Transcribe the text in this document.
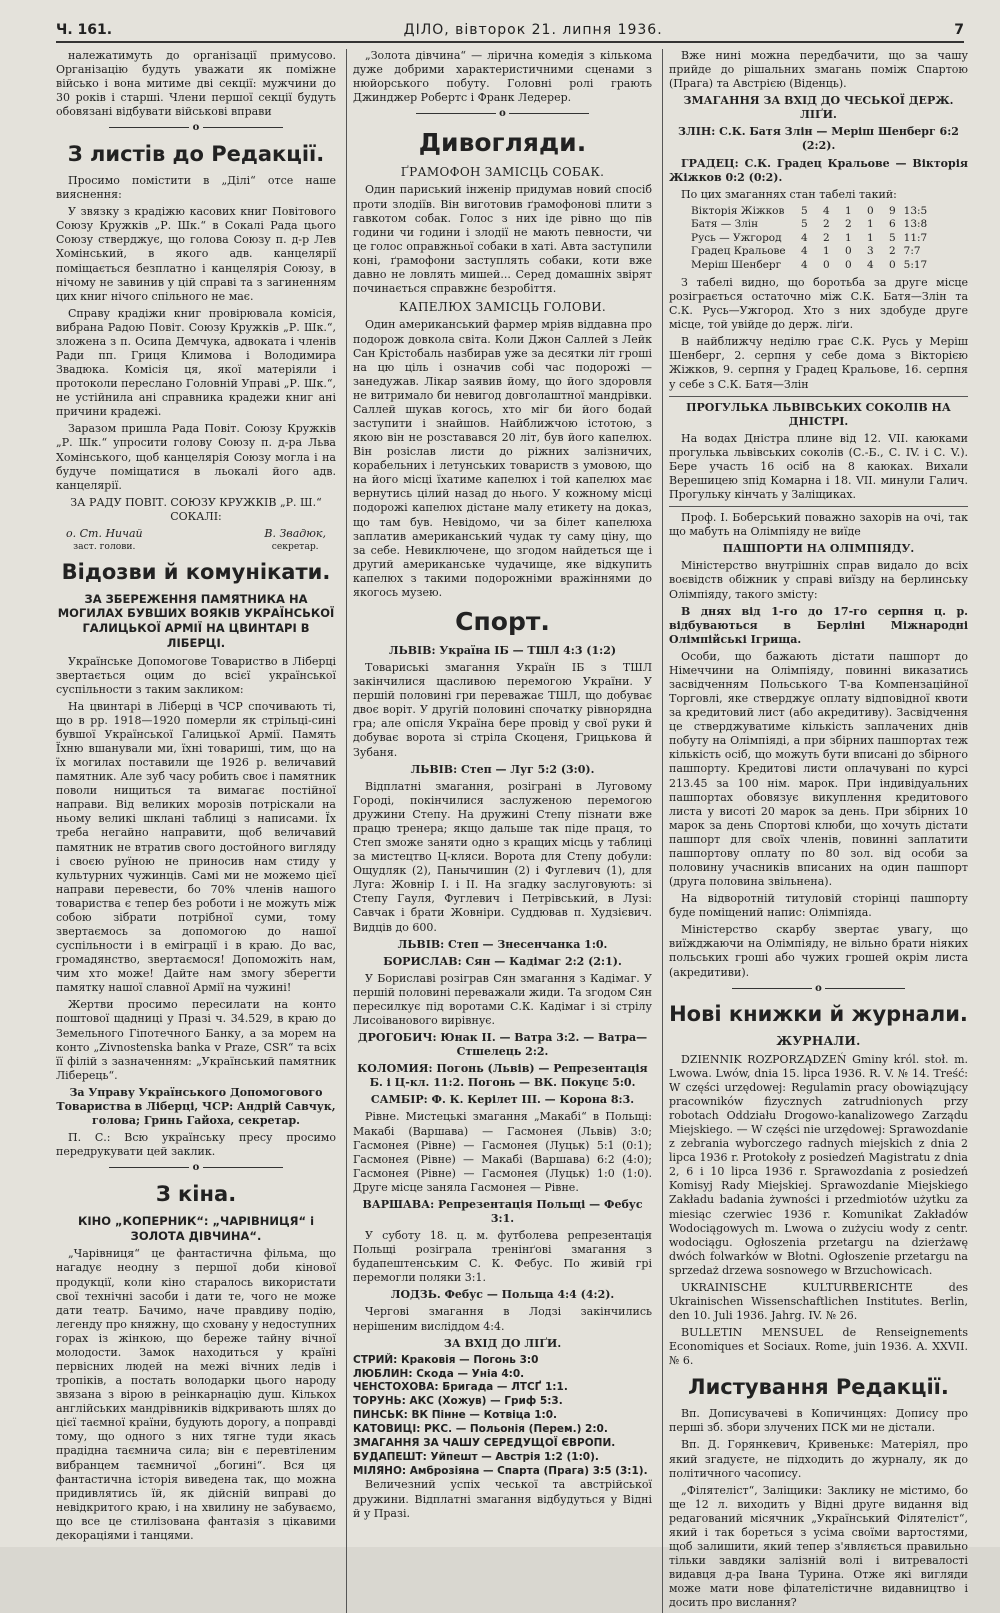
Ч. 161.	ДІЛО, вівторок 21. липня 1936.	7

належатимуть до організації примусово. Організацію будуть уважати як поміжне військо і вона митиме дві секції: мужчини до 30 років і старші. Члени першої секції будуть обовязані відбувати військові вправи

o
З листів до Редакції.

Просимо помістити в „Ділі“ отсе наше вияснення:

У звязку з крадіжю касових книг Повітового Союзу Кружків „Р. Шк.“ в Сокалі Рада цього Союзу стверджує, що голова Союзу п. д-р Лев Хомінський, в якого адв. канцелярії поміщається безплатно і канцелярія Союзу, в нічому не завинив у цій справі та з загиненням цих книг нічого спільного не має.

Справу крадіжи книг провірювала комісія, вибрана Радою Повіт. Союзу Кружків „Р. Шк.“, зложена з п. Осипа Демчука, адвоката і членів Ради пп. Гриця Климова і Володимира Звадюка. Комісія ця, якої матеріяли і протоколи переслано Головній Управі „Р. Шк.“, не устійнила ані справника крадежи книг ані причини крадежі.

Заразом пришла Рада Повіт. Союзу Кружків „Р. Шк.“ упросити голову Союзу п. д-ра Льва Хомінського, щоб канцелярія Союзу могла і на будуче поміщатися в льокалі його адв. канцелярії.

ЗА РАДУ ПОВІТ. СОЮЗУ КРУЖКІВ „Р. Ш.“ СОКАЛІ:

о. Ст. Ничай
заст. голови.
В. Звадюк,
секретар.
Відозви й комунікати.
ЗА ЗБЕРЕЖЕННЯ ПАМЯТНИКА НА МОГИЛАХ БУВШИХ ВОЯКІВ УКРАЇНСЬКОЇ ГАЛИЦЬКОЇ АРМІЇ НА ЦВИНТАРІ В ЛІБЕРЦІ.

Українське Допомогове Товариство в Ліберці звертається оцим до всієї української суспільности з таким закликом:

На цвинтарі в Ліберці в ЧСР спочивають ті, що в рр. 1918—1920 померли як стрільці-сині бувшої Української Галицької Армії. Память Їхню вшанували ми, їхні товариші, тим, що на їх могилах поставили ще 1926 р. величавий памятник. Але зуб часу робить своє і памятник поволи нищиться та вимагає постійної направи. Від великих морозів потріскали на ньому великі шклані таблиці з написами. Їх треба негайно направити, щоб величавий памятник не втратив свого достойного вигляду і своєю руїною не приносив нам стиду у культурних чужинців. Самі ми не можемо цієї направи перевести, бо 70% членів нашого товариства є тепер без роботи і не можуть між собою зібрати потрібної суми, тому звертаємось за допомогою до нашої суспільности і в еміграції і в краю. До вас, громадянство, звертаємося! Допоможіть нам, чим хто може! Дайте нам змогу зберегти памятку нашої славної Армії на чужині!

Жертви просимо пересилати на конто поштової щадниці у Празі ч. 34.529, в краю до Земельного Гіпотечного Банку, а за морем на конто „Zivnostenska banka v Praze, CSR“ та всіх її філій з зазначенням: „Український памятник Ліберець“.

За Управу Українського Допомогового Товариства в Ліберці, ЧСР: Андрій Савчук, голова; Гринь Гайоха, секретар.

П. С.: Всю українську пресу просимо передрукувати цей заклик.

o
З кіна.
КІНО „КОПЕРНИК“: „ЧАРІВНИЦЯ“ і ЗОЛОТА ДІВЧИНА“.

„Чарівниця“ це фантастична фільма, що нагадує неодну з першої доби кінової продукції, коли кіно старалось використати свої технічні засоби і дати те, чого не може дати театр. Бачимо, наче правдиву подію, легенду про княжну, що сховану у недоступних горах із жінкою, що береже тайну вічної молодости. Замок находиться у країні первісних людей на межі вічних ледів і тропіків, а постать володарки цього народу звязана з вірою в реінкарнацію душ. Кількох англійських мандрівників відкривають шлях до цієї таємної країни, будують дорогу, а поправді тому, що одного з них тягне туди якась прадідна таємнича сила; він є перевтіленим вибранцем таємничої „богині“. Вся ця фантастична історія виведена так, що можна придивлятись їй, як дійсній виправі до невідкритого краю, і на хвилину не забуваємо, що все це стилізована фантазія з цікавими декораціями і танцями.

„Золота дівчина“ — лірична комедія з кількома дуже добрими характеристичними сценами з нюйорського побуту. Головні ролі грають Джинджер Робертс і Франк Ледерер.

o
Дивогляди.
ҐРАМОФОН ЗАМІСЦЬ СОБАК.

Один париський інженір придумав новий спосіб проти злодіїв. Він виготовив ґрамофонові плити з гавкотом собак. Голос з них іде рівно що пів години чи години і злодії не мають певности, чи це голос оправжньої собаки в хаті. Авта заступили коні, ґрамофони заступлять собаки, коти вже давно не ловлять мишей... Серед домашніх звірят починається справжнє безробіття.

КАПЕЛЮХ ЗАМІСЦЬ ГОЛОВИ.

Один американський фармер мріяв віддавна про подорож довкола світа. Коли Джон Саллей з Лейк Сан Крістобаль назбирав уже за десятки літ гроші на цю ціль і означив собі час подорожі — занедужав. Лікар заявив йому, що його здоровля не витримало би невигод довголаштної мандрівки. Саллей шукав когось, хто міг би його бодай заступити і знайшов. Найближчою істотою, з якою він не розставався 20 літ, був його капелюх. Він розіслав листи до ріжних залізничих, корабельних і летунських товариств з умовою, що на його місці їхатиме капелюх і той капелюх має вернутись цілий назад до нього. У кожному місці подорожі капелюх дістане малу етикету на доказ, що там був. Невідомо, чи за білет капелюха заплатив американський чудак ту саму ціну, що за себе. Невиключене, що згодом найдеться ще і другий американське чудачище, яке відкупить капелюх з такими подорожніми вражіннями до якогось музею.

Спорт.

ЛЬВІВ: Україна ІБ — ТШЛ 4:3 (1:2)

Товариські змагання Україн ІБ з ТШЛ закінчилися щасливою перемогою України. У першій половині гри переважає ТШЛ, що добуває двоє воріт. У другій половині спочатку рівнорядна гра; але опісля Україна бере провід у свої руки й добуває ворота зі стріла Скоценя, Грицькова й Зубаня.

ЛЬВІВ: Степ — Луг 5:2 (3:0).

Відплатні змагання, розіграні в Луговому Городі, покінчилися заслуженою перемогою дружини Степу. На дружині Степу пізнати вже працю тренера; якщо дальше так піде праця, то Степ зможе заняти одно з кращих місць у таблиці за мистецтво Ц-кляси. Ворота для Степу добули: Ощудляк (2), Панычишин (2) і Фуглевич (1), для Луга: Жовнір І. і ІІ. На згадку заслуговують: зі Степу Гауля, Фуглевич і Петрівський, в Лузі: Савчак і брати Жовніри. Суддював п. Худзієвич. Видців до 600.

ЛЬВІВ: Степ — Знесенчанка 1:0.

БОРИСЛАВ: Сян — Кадімаг 2:2 (2:1).

У Бориславі розіграв Сян змагання з Кадімаг. У першій половині переважали жиди. Та згодом Сян пересилкує під воротами С.К. Кадімаг і зі стрілу Лисоіванового вирівнує.

ДРОГОБИЧ: Юнак ІІ. — Ватра 3:2. — Ватра—Стшелець 2:2.

КОЛОМИЯ: Погонь (Львів) — Репрезентація Б. і Ц-кл. 11:2. Погонь — ВК. Покуцє 5:0.

САМБІР: Ф. К. Керілет ІІІ. — Корона 8:3.

Рівне. Мистецькі змагання „Макабі“ в Польщі: Макабі (Варшава) — Гасмонея (Львів) 3:0; Гасмонея (Рівне) — Гасмонея (Луцьк) 5:1 (0:1); Гасмонея (Рівне) — Макабі (Варшава) 6:2 (4:0); Гасмонея (Рівне) — Гасмонея (Луцьк) 1:0 (1:0). Друге місце заняла Гасмонея — Рівне.

ВАРШАВА: Репрезентація Польщі — Фебус 3:1.

У суботу 18. ц. м. футболева репрезентація Польщі розіграла тренінґові змагання з будапештенським С. К. Фебус. По живій грі перемогли поляки 3:1.

ЛОДЗЬ. Фебус — Польща 4:4 (4:2).

Чергові змагання в Лодзі закінчились нерішеним висліддом 4:4.

ЗА ВХІД ДО ЛІҐИ.

СТРИЙ: Краковія — Погонь 3:0
ЛЮБЛИН: Скода — Уніа 4:0.
ЧЕНСТОХОВА: Бригада — ЛТСҐ 1:1.
ТОРУНЬ: АКС (Хожув) — Гриф 5:3.
ПИНСЬК: ВК Пінне — Котвіца 1:0.
КАТОВИЦІ: РКС. — Польонія (Перем.) 2:0.
ЗМАГАННЯ ЗА ЧАШУ СЕРЕДУЩОЇ ЄВРОПИ.
БУДАПЕШТ: Уйпешт — Австрія 1:2 (1:0).
МІЛЯНО: Амброзіяна — Спарта (Прага) 3:5 (3:1).

Величезний успіх чеської та австрійської дружини. Відплатні змагання відбудуться у Відні й у Празі.

Вже нині можна передбачити, що за чашу прийде до рішальних змагань поміж Спартою (Прага) та Австрією (Віденць).

ЗМАГАННЯ ЗА ВХІД ДО ЧЕСЬКОЇ ДЕРЖ. ЛІҐИ.

ЗЛІН: С.К. Батя Злін — Меріш Шенберг 6:2 (2:2).

ГРАДЕЦ: С.К. Градец Кральове — Вікторія Жіжков 0:2 (0:2).

По цих змаганнях стан табелі такий:

Вікторія Жіжков	5	4	1	0	9	13:5
Батя — Злін	5	2	2	1	6	13:8
Русь — Ужгород	4	2	1	1	5	11:7
Градец Кральове	4	1	0	3	2	7:7
Меріш Шенберг	4	0	0	4	0	5:17

З табелі видно, що боротьба за друге місце розіграється остаточно між С.К. Батя—Злін та С.К. Русь—Ужгород. Хто з них здобуде друге місце, той увійде до держ. ліґи.

В найближчу неділю грає С.К. Русь у Меріш Шенберг, 2. серпня у себе дома з Вікторією Жіжков, 9. серпня у Градец Кральове, 16. серпня у себе з С.К. Батя—Злін

ПРОГУЛЬКА ЛЬВІВСЬКИХ СОКОЛІВ НА ДНІСТРІ.

На водах Дністра плине від 12. VII. каюками прогулька львівських соколів (С.-Б., С. IV. і С. V.). Бере участь 16 осіб на 8 каюках. Вихали Верешицею зпід Комарна і 18. VII. минули Галич. Прогульку кінчать у Заліщиках.

Проф. І. Боберський поважно захорів на очі, так що мабуть на Олімпіяду не виїде

ПАШПОРТИ НА ОЛІМПІЯДУ.

Міністерство внутрішніх справ видало до всіх воєвідств обіжник у справі виїзду на берлинську Олімпіяду, такого змісту:

В днях від 1-го до 17-го серпня ц. р. відбуваються в Берліні Міжнародні Олімпійські Ігрища.

Особи, що бажають дістати пашпорт до Німеччини на Олімпіяду, повинні виказатись засвідченням Польського Т-ва Компензаційної Торговлі, яке стверджує оплату відповідної квоти за кредитовий лист (або акредитиву). Засвідчення це стверджуватиме кількість заплачених днів побуту на Олімпіяді, а при збірних пашпортах теж кількість осіб, що можуть бути вписані до збірного пашпорту. Кредитові листи оплачувані по курсі 213.45 за 100 нім. марок. При індивідуальних пашпортах обовязує викуплення кредитового листа у висоті 20 марок за день. При збірних 10 марок за день Спортові клюби, що хочуть дістати пашпорт для своїх членів, повинні заплатити пашпортову оплату по 80 зол. від особи за половину учасників вписаних на один пашпорт (друга половина звільнена).

На відворотній титуловій сторінці пашпорту буде поміщений напис: Олімпіяда.

Міністерство скарбу звертає увагу, що виїжджаючи на Олімпіяду, не вільно брати ніяких польських гроші або чужих грошей окрім листа (акредитиви).

o
Нові книжки й журнали.
ЖУРНАЛИ.

DZIENNIK ROZPORZĄDZEŃ Gminy król. stoł. m. Lwowa. Lwów, dnia 15. lipca 1936. R. V. № 14. Treść: W części urzędowej: Regulamin pracy obowiązujący pracowników fizycznych zatrudnionych przy robotach Oddziału Drogowo-kanalizowego Zarządu Miejskiego. — W części nie urzędowej: Sprawozdanie z zebrania wyborczego radnych miejskich z dnia 2 lipca 1936 r. Protokoły z posiedzeń Magistratu z dnia 2, 6 i 10 lipca 1936 r. Sprawozdania z posiedzeń Komisyj Rady Miejskiej. Sprawozdanie Miejskiego Zakładu badania żywności i przedmiotów użytku za miesiąc czerwiec 1936 r. Komunikat Zakładów Wodociągowych m. Lwowa o zużyciu wody z centr. wodociągu. Ogłoszenia przetargu na dzierżawę dwóch folwarków w Błotni. Ogłoszenie przetargu na sprzedaż drzewa sosnowego w Brzuchowicach.

UKRAINISCHE KULTURBERICHTE des Ukrainischen Wissenschaftlichen Institutes. Berlin, den 10. Juli 1936. Jahrg. IV. № 26.

BULLETIN MENSUEL de Renseignements Economiques et Sociaux. Rome, juin 1936. A. XXVII. № 6.

Листування Редакції.

Вп. Дописувачеві в Копичинцях: Допису про перші зб. збори злучених ПСК ми не дістали.

Вп. Д. Горянкевич, Кривенькє: Матеріял, про який згадуєте, не підходить до журналу, як до політичного часопису.

„Філятеліст“, Заліщики: Заклику не містимо, бо ще 12 л. виходить у Відні друге видання від редагований місячник „Український Філятеліст“, який і так бореться з усіма своїми вартостями, щоб залишити, який тепер з'являється правильно тільки завдяки залізній волі і витревалості видавця д-ра Івана Турина. Отже які вигляди може мати нове філателістичне видавництво і досить про вислання?
